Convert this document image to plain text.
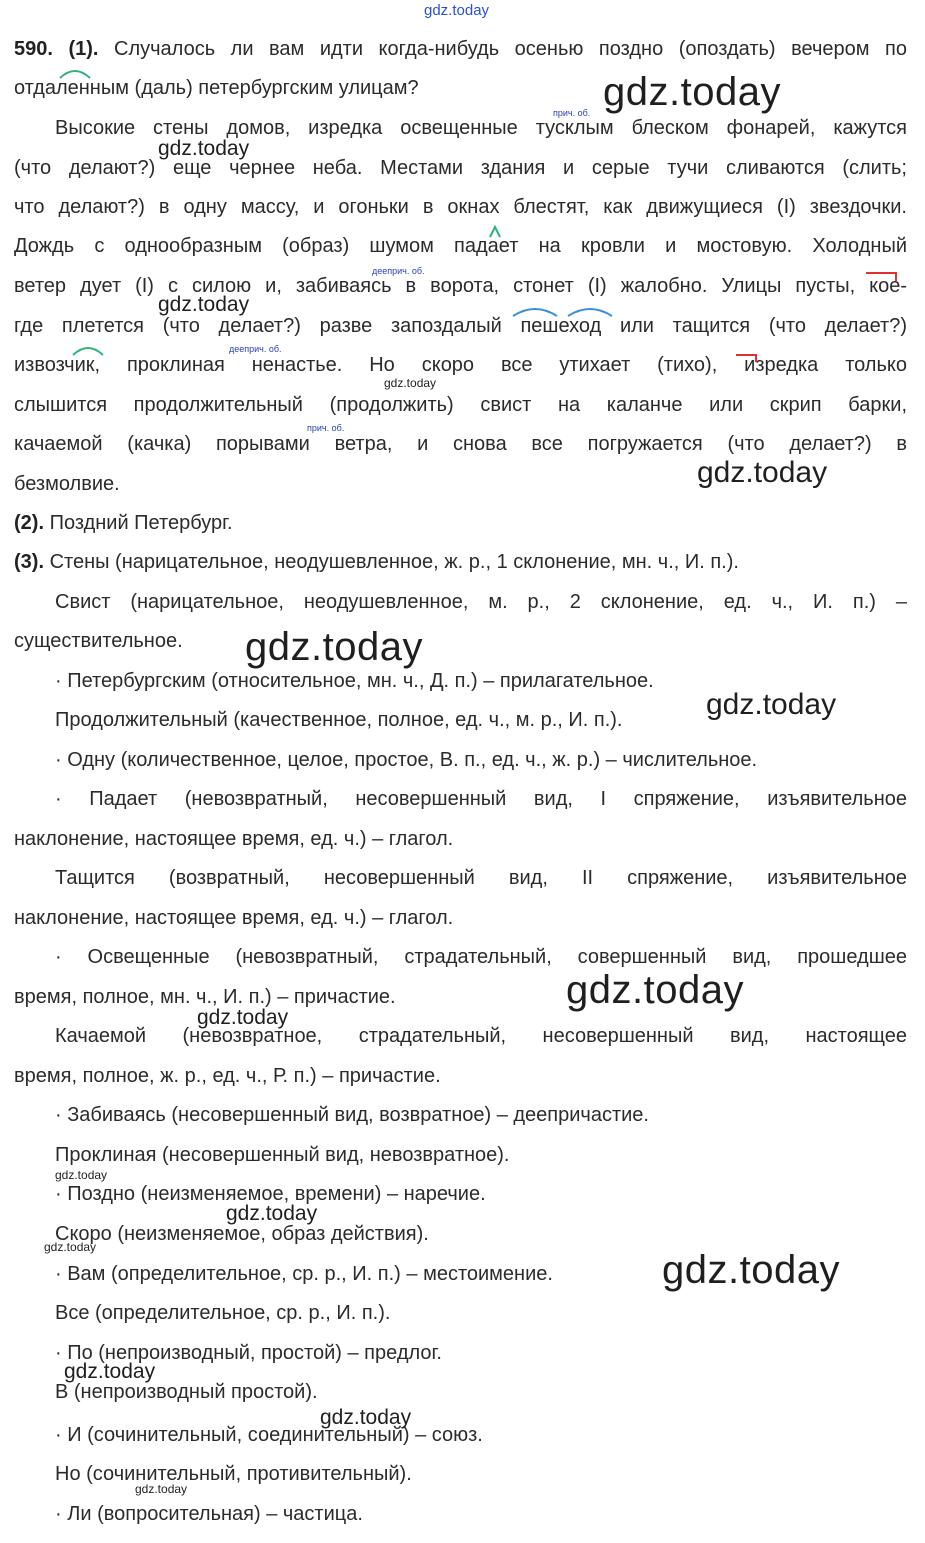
gdz.today
590. (1). Случалось ли вам идти когда-нибудь осенью поздно (опоздать) вечером по
отдаленным (даль) петербургским улицам?
прич. об.
Высокие стены домов, изредка освещенные тусклым блеском фонарей, кажутся
(что делают?) еще чернее неба. Местами здания и серые тучи сливаются (слить;
что делают?) в одну массу, и огоньки в окнах блестят, как движущиеся (I) звездочки.
Дождь с однообразным (образ) шумом падает на кровли и мостовую. Холодный
дееприч. об.
ветер дует (I) с силою и, забиваясь в ворота, стонет (I) жалобно. Улицы пусты, кое-
где плетется (что делает?) разве запоздалый пешеход или тащится (что делает?)
дееприч. об.
извозчик, проклиная ненастье. Но скоро все утихает (тихо), изредка только
слышится продолжительный (продолжить) свист на каланче или скрип барки,
прич. об.
качаемой (качка) порывами ветра, и снова все погружается (что делает?) в
безмолвие.
(2). Поздний Петербург.
(3). Стены (нарицательное, неодушевленное, ж. р., 1 склонение, мн. ч., И. п.).
Свист (нарицательное, неодушевленное, м. р., 2 склонение, ед. ч., И. п.) –
существительное.
· Петербургским (относительное, мн. ч., Д. п.) – прилагательное.
Продолжительный (качественное, полное, ед. ч., м. р., И. п.).
· Одну (количественное, целое, простое, В. п., ед. ч., ж. р.) – числительное.
· Падает (невозвратный, несовершенный вид, I спряжение, изъявительное
наклонение, настоящее время, ед. ч.) – глагол.
Тащится (возвратный, несовершенный вид, II спряжение, изъявительное
наклонение, настоящее время, ед. ч.) – глагол.
· Освещенные (невозвратный, страдательный, совершенный вид, прошедшее
время, полное, мн. ч., И. п.) – причастие.
Качаемой (невозвратное, страдательный, несовершенный вид, настоящее
время, полное, ж. р., ед. ч., Р. п.) – причастие.
· Забиваясь (несовершенный вид, возвратное) – деепричастие.
Проклиная (несовершенный вид, невозвратное).
· Поздно (неизменяемое, времени) – наречие.
Скоро (неизменяемое, образ действия).
· Вам (определительное, ср. р., И. п.) – местоимение.
Все (определительное, ср. р., И. п.).
· По (непроизводный, простой) – предлог.
В (непроизводный простой).
· И (сочинительный, соединительный) – союз.
Но (сочинительный, противительный).
· Ли (вопросительная) – частица.
gdz.today
gdz.today
gdz.today
gdz.today
gdz.today
gdz.today
gdz.today
gdz.today
gdz.today
gdz.today
gdz.today
gdz.today
gdz.today
gdz.today
gdz.today
gdz.today
